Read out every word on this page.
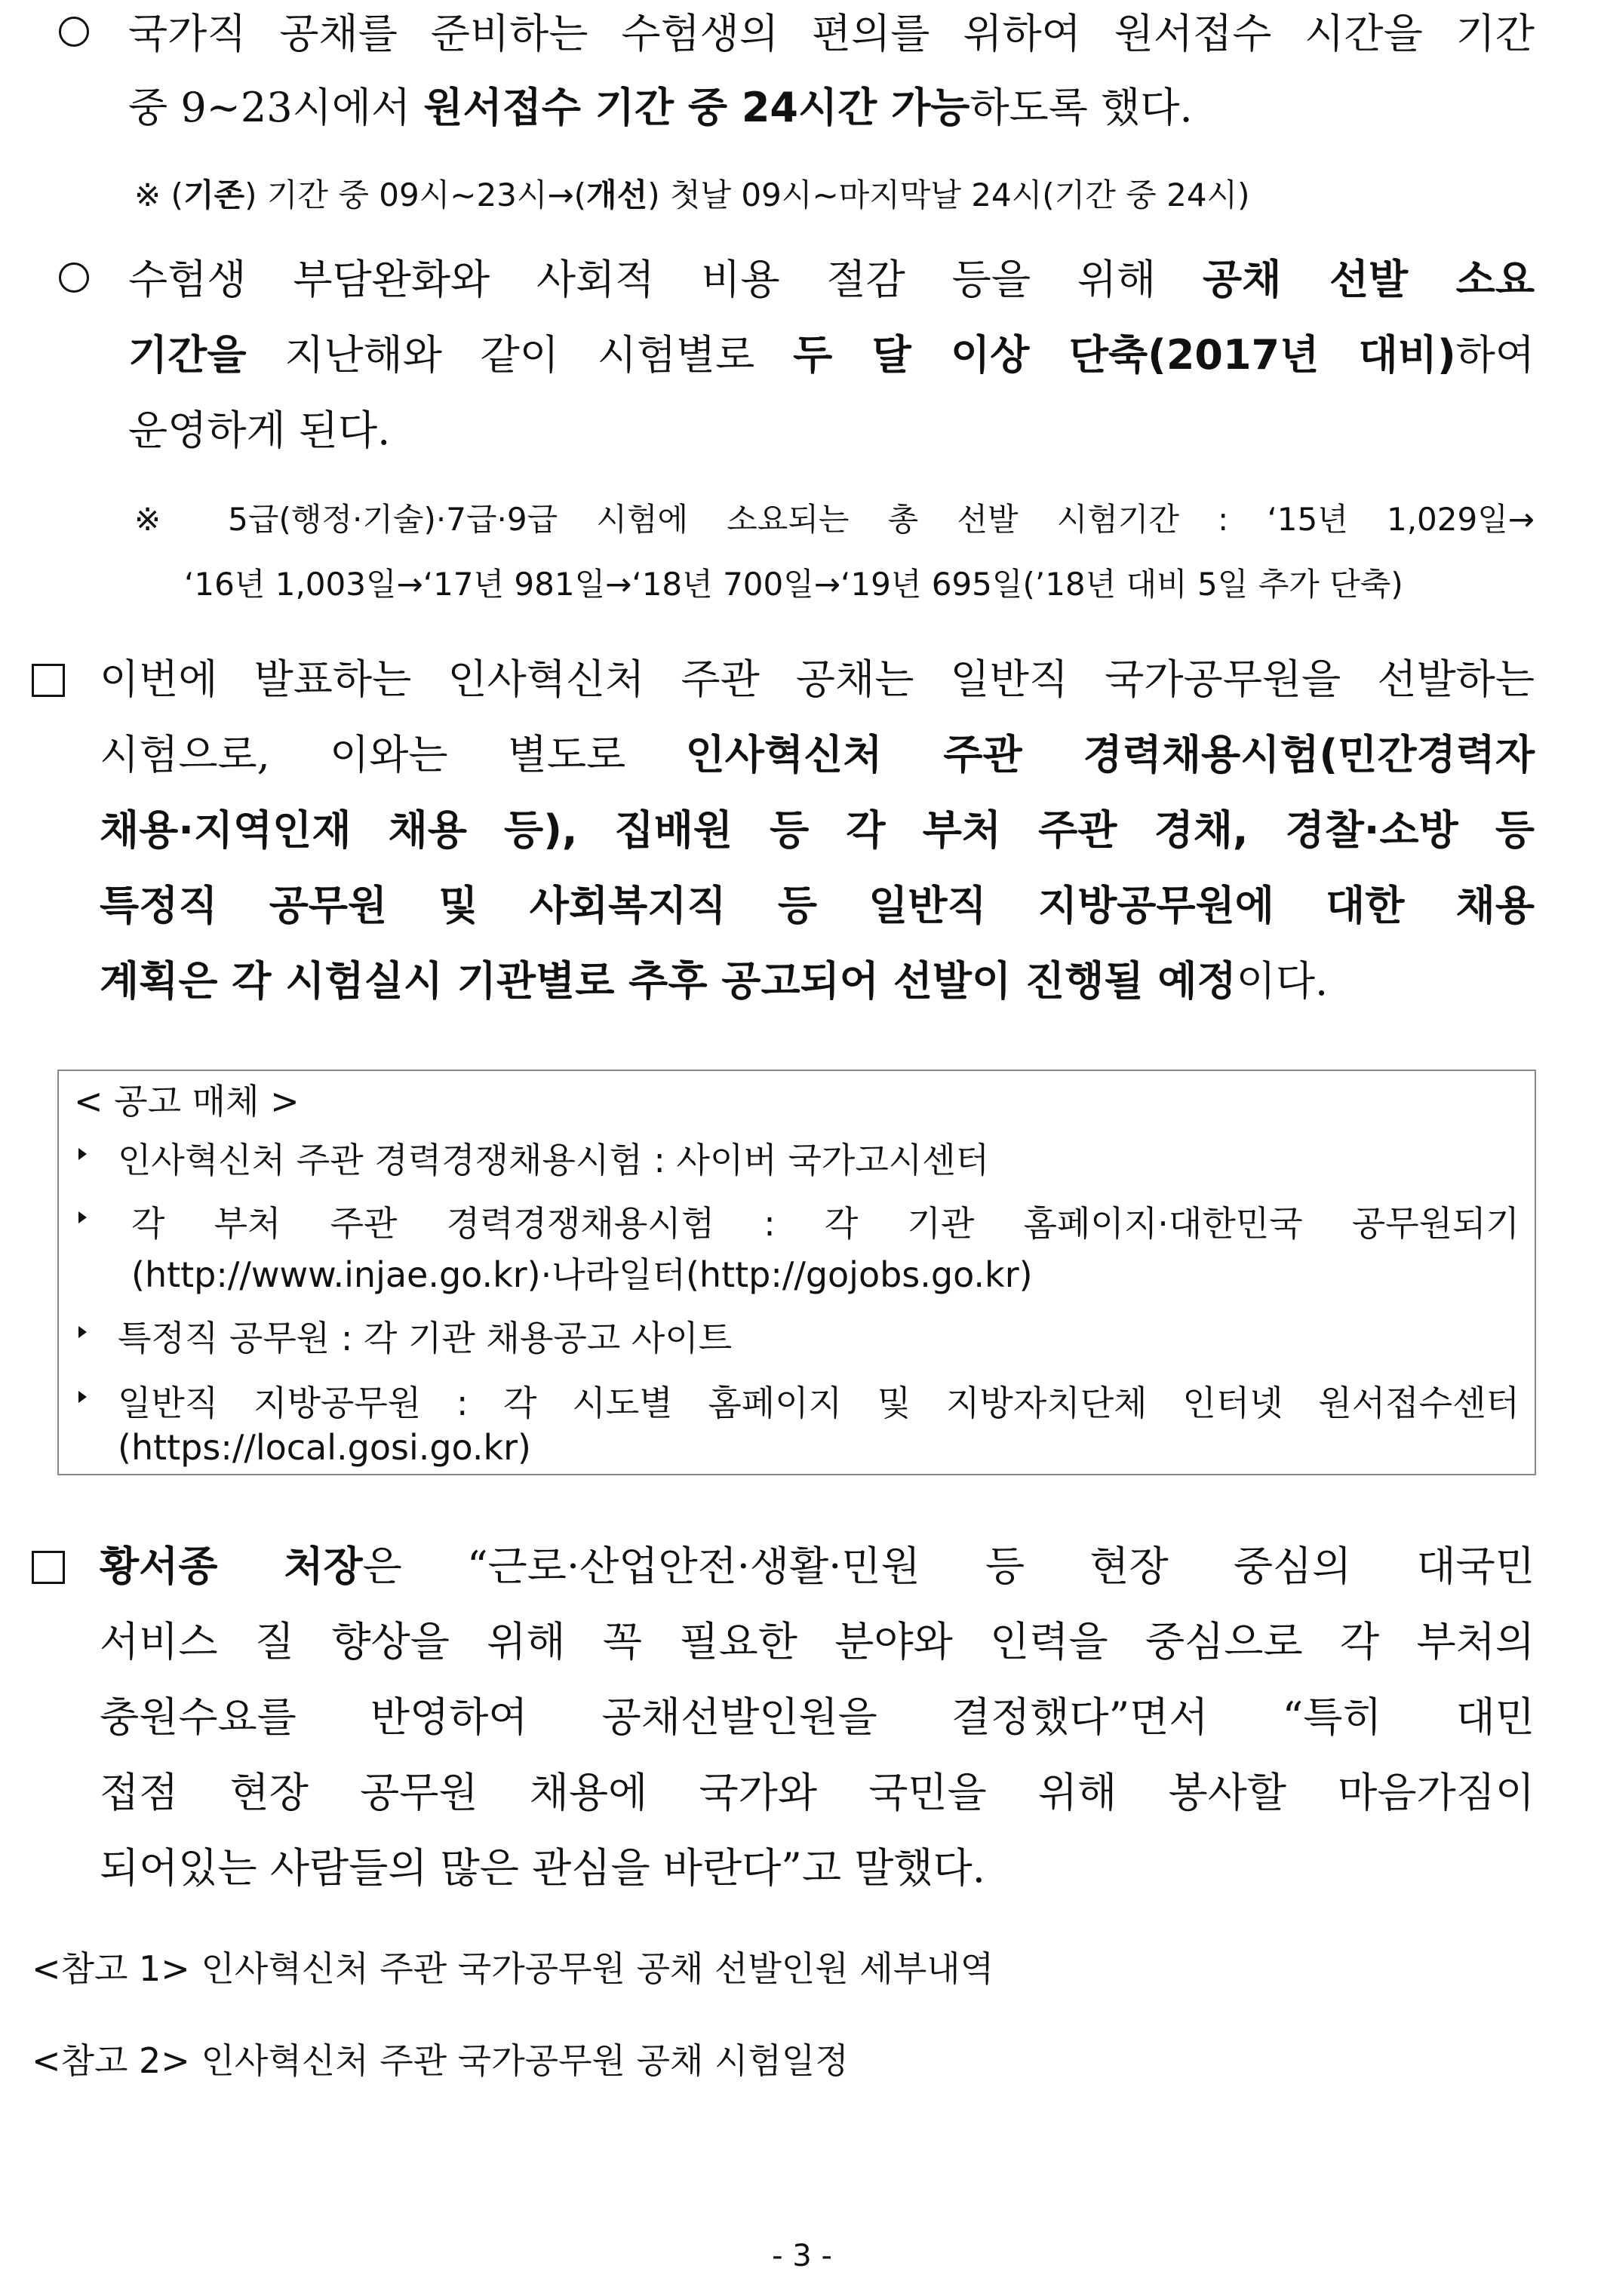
국가직 공채를 준비하는 수험생의 편의를 위하여 원서접수 시간을 기간
중 9~23시에서 원서접수 기간 중 24시간 가능하도록 했다.
※ (기존) 기간 중 09시~23시→(개선) 첫날 09시~마지막날 24시(기간 중 24시)
수험생 부담완화와 사회적 비용 절감 등을 위해 공채 선발 소요
기간을 지난해와 같이 시험별로 두 달 이상 단축(2017년 대비)하여
운영하게 된다.
※ 5급(행정·기술)·7급·9급 시험에 소요되는 총 선발 시험기간 : ‘15년 1,029일→
‘16년 1,003일→‘17년 981일→‘18년 700일→‘19년 695일(’18년 대비 5일 추가 단축)
이번에 발표하는 인사혁신처 주관 공채는 일반직 국가공무원을 선발하는
시험으로, 이와는 별도로 인사혁신처 주관 경력채용시험(민간경력자
채용·지역인재 채용 등), 집배원 등 각 부처 주관 경채, 경찰·소방 등
특정직 공무원 및 사회복지직 등 일반직 지방공무원에 대한 채용
계획은 각 시험실시 기관별로 추후 공고되어 선발이 진행될 예정이다.
< 공고 매체 >
인사혁신처 주관 경력경쟁채용시험 : 사이버 국가고시센터
각 부처 주관 경력경쟁채용시험 : 각 기관 홈페이지·대한민국 공무원되기
(http://www.injae.go.kr)·나라일터(http://gojobs.go.kr)
특정직 공무원 : 각 기관 채용공고 사이트
일반직 지방공무원 : 각 시도별 홈페이지 및 지방자치단체 인터넷 원서접수센터
(https://local.gosi.go.kr)
황서종 처장은 “근로·산업안전·생활·민원 등 현장 중심의 대국민
서비스 질 향상을 위해 꼭 필요한 분야와 인력을 중심으로 각 부처의
충원수요를 반영하여 공채선발인원을 결정했다”면서 “특히 대민
접점 현장 공무원 채용에 국가와 국민을 위해 봉사할 마음가짐이
되어있는 사람들의 많은 관심을 바란다”고 말했다.
<참고 1> 인사혁신처 주관 국가공무원 공채 선발인원 세부내역
<참고 2> 인사혁신처 주관 국가공무원 공채 시험일정
- 3 -
